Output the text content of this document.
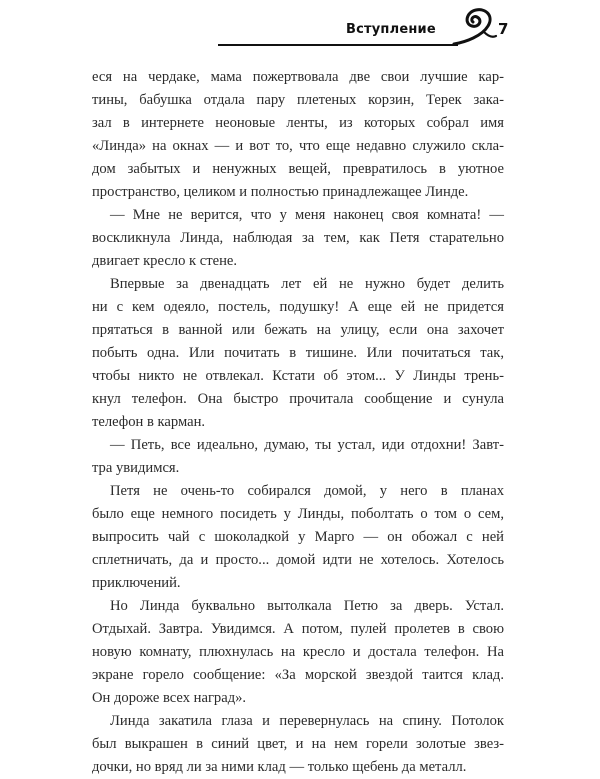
Вступление	7

еся на чердаке, мама пожертвовала две свои лучшие кар-
тины, бабушка отдала пару плетеных корзин, Терек зака-
зал в интернете неоновые ленты, из которых собрал имя
«Линда» на окнах — и вот то, что еще недавно служило скла-
дом забытых и ненужных вещей, превратилось в уютное
пространство, целиком и полностью принадлежащее Линде.

— Мне не верится, что у меня наконец своя комната! —
воскликнула Линда, наблюдая за тем, как Петя старательно
двигает кресло к стене.

Впервые за двенадцать лет ей не нужно будет делить
ни с кем одеяло, постель, подушку! А еще ей не придется
прятаться в ванной или бежать на улицу, если она захочет
побыть одна. Или почитать в тишине. Или почитаться так,
чтобы никто не отвлекал. Кстати об этом... У Линды трень-
кнул телефон. Она быстро прочитала сообщение и сунула
телефон в карман.

— Петь, все идеально, думаю, ты устал, иди отдохни! Завт-
тра увидимся.

Петя не очень-то собирался домой, у него в планах
было еще немного посидеть у Линды, поболтать о том о сем,
выпросить чай с шоколадкой у Марго — он обожал с ней
сплетничать, да и просто... домой идти не хотелось. Хотелось
приключений.

Но Линда буквально вытолкала Петю за дверь. Устал.
Отдыхай. Завтра. Увидимся. А потом, пулей пролетев в свою
новую комнату, плюхнулась на кресло и достала телефон. На
экране горело сообщение: «За морской звездой таится клад.
Он дороже всех наград».

Линда закатила глаза и перевернулась на спину. Потолок
был выкрашен в синий цвет, и на нем горели золотые звез-
дочки, но вряд ли за ними клад — только щебень да металл.
